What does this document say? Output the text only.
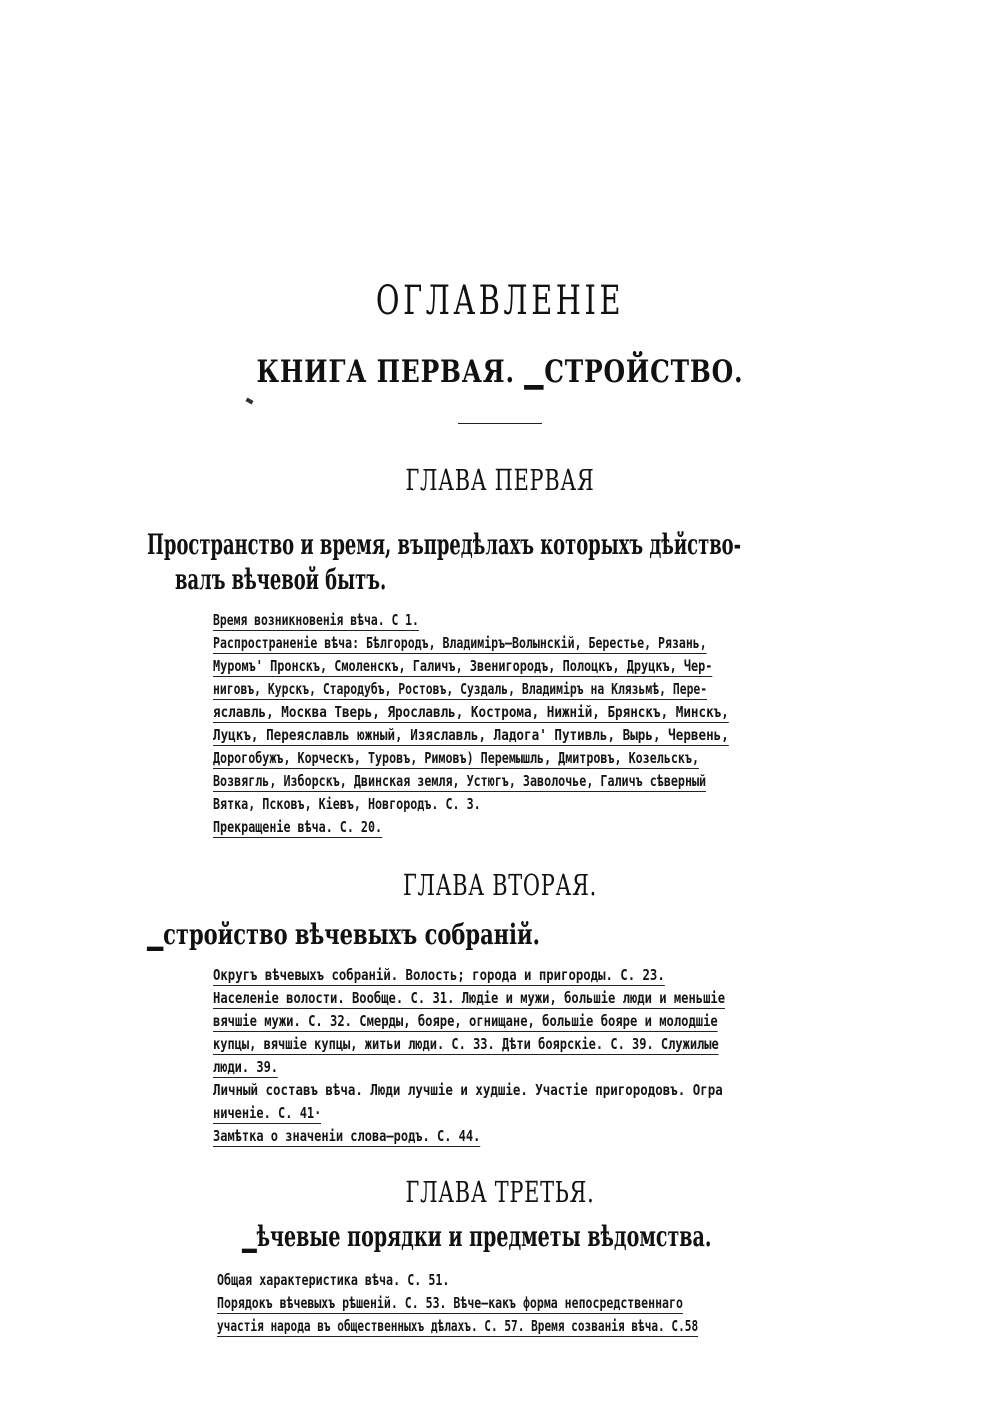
ОГЛАВЛЕНIЕ
КНИГА ПЕРВАЯ. ▁СТРОЙСТВО.
ГЛАВА ПЕРВАЯ
Пространство и время, въпредѣлахъ которыхъ дѣйство-
валъ вѣчевой бытъ.
Время возникновенія вѣча. С 1.
Распространеніе вѣча: Бѣлгородъ, Владиміръ—Волынскій, Берестье, Рязань,
Муромъ' Пронскъ, Смоленскъ, Галичъ, Звенигородъ, Полоцкъ, Друцкъ, Чер-
ниговъ, Курскъ, Стародубъ, Ростовъ, Суздаль, Владиміръ на Клязьмѣ, Пере-
яславль, Москва Тверь, Ярославль, Кострома, Нижній, Брянскъ, Минскъ,
Луцкъ, Переяславль южный, Изяславль, Ладога' Путивль, Вырь, Червень,
Дорогобужъ, Корческъ, Туровъ, Римовъ) Перемышль, Дмитровъ, Козельскъ,
Возвягль, Изборскъ, Двинская земля, Устюгъ, Заволочье, Галичъ сѣверный
Вятка, Псковъ, Кіевъ, Новгородъ. С. 3.
Прекращеніе вѣча. С. 20.
ГЛАВА ВТОРАЯ.
▁стройство вѣчевыхъ собраній.
Округъ вѣчевыхъ собраній. Волость; города и пригороды. С. 23.
Населеніе волости. Вообще. С. 31. Людіе и мужи, большіе люди и меньшіе
вячшіе мужи. С. 32. Смерды, бояре, огнищане, большіе бояре и молодшіе
купцы, вячшіе купцы, житьи люди. С. 33. Дѣти боярскіе. С. 39. Служилые
люди. 39.
Личный составъ вѣча. Люди лучшіе и худшіе. Участіе пригородовъ. Огра
ниченіе. С. 41·
Замѣтка о значеніи слова—родъ. С. 44.
ГЛАВА ТРЕТЬЯ.
▁ѣчевые порядки и предметы вѣдомства.
Общая характеристика вѣча. С. 51.
Порядокъ вѣчевыхъ рѣшеній. С. 53. Вѣче—какъ форма непосредственнаго
участія народа въ общественныхъ дѣлахъ. С. 57. Время созванія вѣча. С.58
